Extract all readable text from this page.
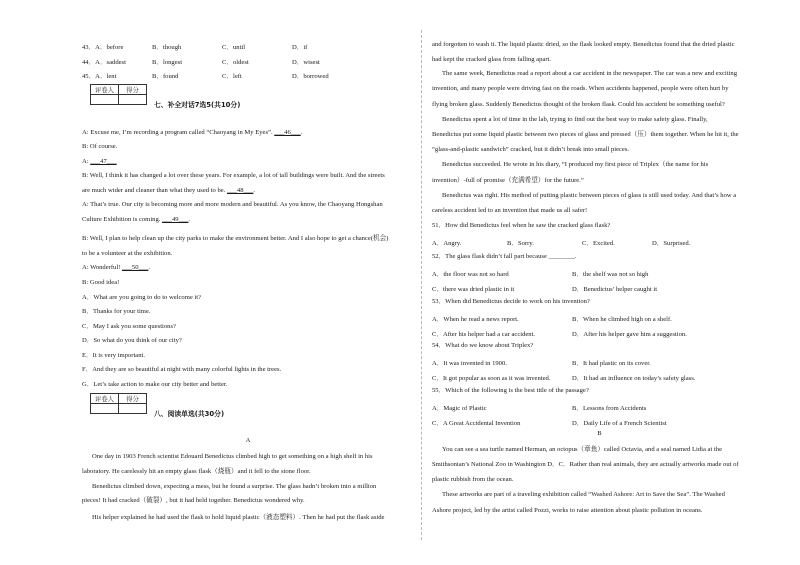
43．A．before	B．though	C．until	D．if
44．A．saddest	B．longest	C．oldest	D．wisest
45．A．lent	B．found	C．left	D．borrowed
评卷人	得分

七、补全对话7选5(共10分)
A: Excuse me, I’m recording a program called “Chaoyang in My Eyes”. ___46___.
B: Of course.
A: ___47___
B: Well, I think it has changed a lot over these years. For example, a lot of tall buildings were built. And the streets
are much wider and cleaner than what they used to be. ___48___.
A: That’s true. Our city is becoming more and more modern and beautiful. As you know, the Chaoyang Hongshan
Culture Exhibition is coming. ___49___.
B: Well, I plan to help clean up the city parks to make the environment better. And I also hope to get a chance(机会)
to be a volunteer at the exhibition.
A: Wonderful! ___50___.
B: Good idea!
A．What are you going to do to welcome it?
B．Thanks for your time.
C．May I ask you some questions?
D．So what do you think of our city?
E．It is very important.
F．And they are so beautiful at night with many colorful lights in the trees.
G．Let’s take action to make our city better and better.
评卷人	得分

八、阅读单选(共30分)
A
One day in 1903 French scientist Edouard Benedictus climbed high to get something on a high shelf in his
laboratory. He carelessly hit an empty glass flask（烧瓶）and it fell to the stone floor.
Benedictus climbed down, expecting a mess, but he found a surprise. The glass hadn’t broken into a million
pieces! It had cracked（破裂）, but it had held together. Benedictus wondered why.
His helper explained he had used the flask to hold liquid plastic（液态塑料）. Then he had put the flask aside
and forgotten to wash it. The liquid plastic dried, so the flask looked empty. Benedictus found that the dried plastic
had kept the cracked glass from falling apart.
The same week, Benedictus read a report about a car accident in the newspaper. The car was a new and exciting
invention, and many people were driving fast on the roads. When accidents happened, people were often hurt by
flying broken glass. Suddenly Benedictus thought of the broken flask. Could his accident be something useful?
Benedictus spent a lot of time in the lab, trying to find out the best way to make safety glass. Finally,
Benedictus put some liquid plastic between two pieces of glass and pressed（压）them together. When he hit it, the
“glass-and-plastic sandwich” cracked, but it didn’t break into small pieces.
Benedictus succeeded. He wrote in his diary, “I produced my first piece of Triplex（the name for his
invention）-full of promise（充满希望）for the future.”
Benedictus was right. His method of putting plastic between pieces of glass is still used today. And that’s how a
careless accident led to an invention that made us all safer!
51．How did Benedictus feel when he saw the cracked glass flask?
A．Angry.	B．Sorry.	C．Excited.	D．Surprised.
52．The glass flask didn’t fall part because ________.
A．the floor was not so hard	B．the shelf was not so high
C．there was dried plastic in it	D．Benedictus’ helper caught it
53．When did Benedictus decide to work on his invention?
A．When he read a news report.	B．When he climbed high on a shelf.
C．After his helper had a car accident.	D．After his helper gave him a suggestion.
54．What do we know about Triplex?
A．It was invented in 1900.	B．It had plastic on its cover.
C．It got popular as soon as it was invented.	D．It had an influence on today’s safety glass.
55．Which of the following is the best title of the passage?
A．Magic of Plastic	B．Lessons from Accidents
C．A Great Accidental Invention	D．Daily Life of a French Scientist
B
You can see a sea turtle named Herman, an octopus（章鱼）called Octavia, and a seal named Lidia at the
Smithsonian’s National Zoo in Washington D．C．Rather than real animals, they are actually artworks made out of
plastic rubbish from the ocean.
These artworks are part of a traveling exhibition called “Washed Ashore: Art to Save the Sea”. The Washed
Ashore project, led by the artist called Pozzi, works to raise attention about plastic pollution in oceans.
